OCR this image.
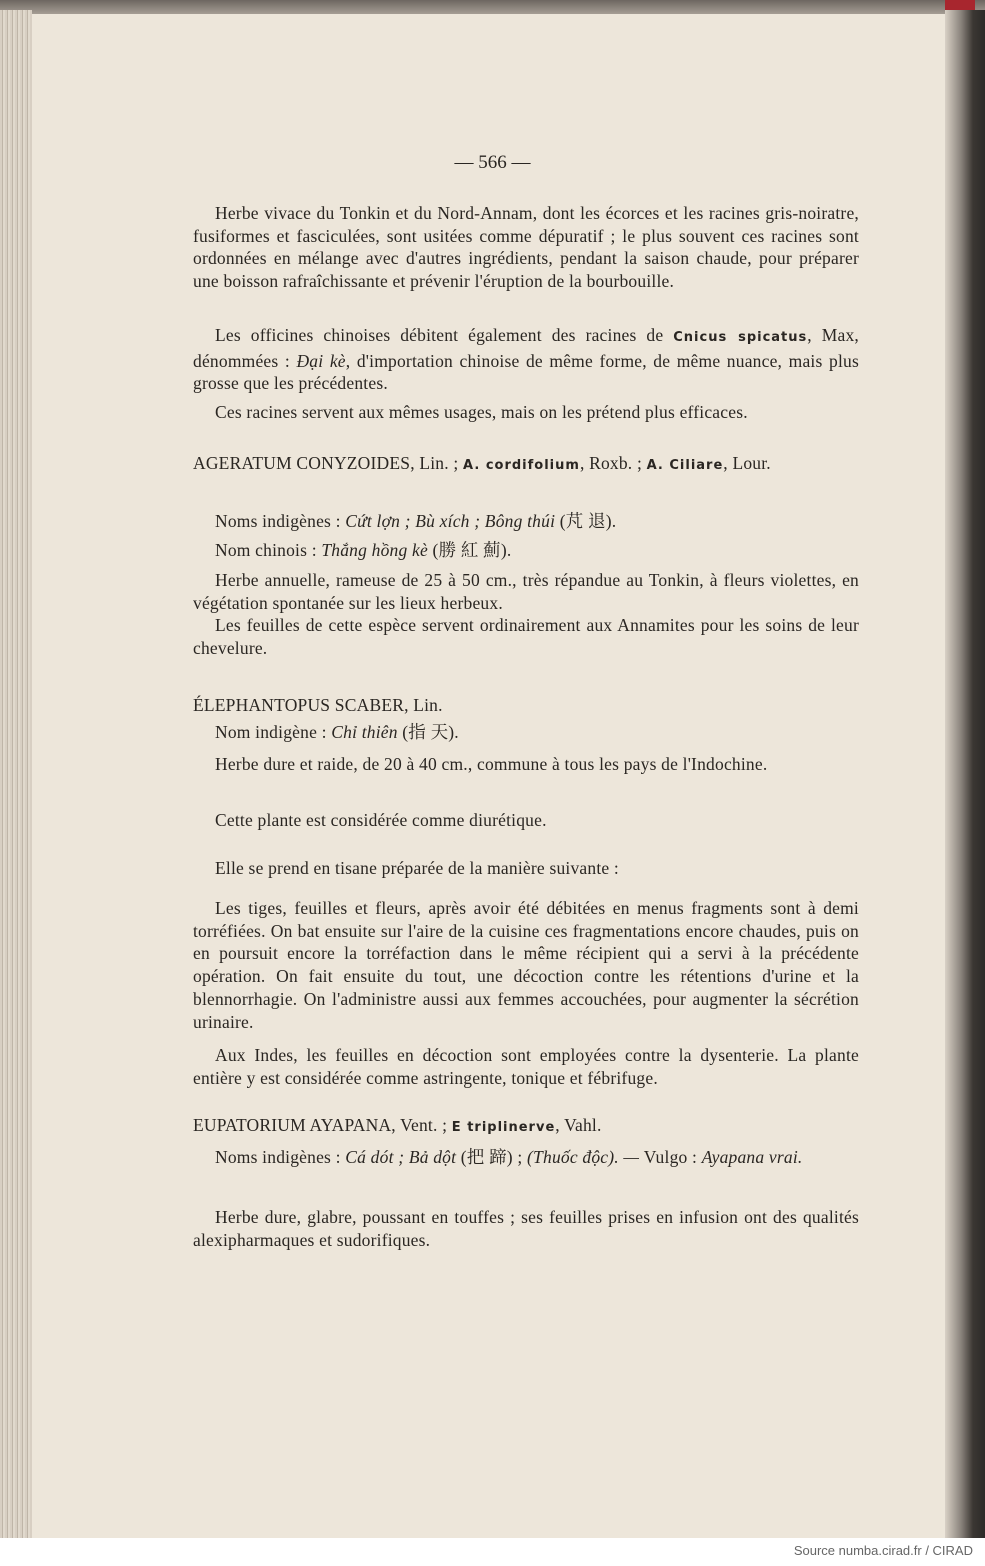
— 566 —
Herbe vivace du Tonkin et du Nord-Annam, dont les écorces et les racines gris-noiratre, fusiformes et fasciculées, sont usitées comme dépuratif ; le plus souvent ces racines sont ordonnées en mélange avec d'autres ingrédients, pendant la saison chaude, pour préparer une boisson rafraîchissante et prévenir l'éruption de la bourbouille.
Les officines chinoises débitent également des racines de Cnicus spicatus, Max, dénommées : Đại kè, d'importation chinoise de même forme, de même nuance, mais plus grosse que les précédentes.
Ces racines servent aux mêmes usages, mais on les prétend plus efficaces.
AGERATUM CONYZOIDES, Lin. ; A. cordifolium, Roxb. ; A. Ciliare, Lour.
Noms indigènes : Cứt lợn ; Bù xích ; Bông thúi (芃 退).
Nom chinois : Thắng hồng kè (勝 紅 薊).
Herbe annuelle, rameuse de 25 à 50 cm., très répandue au Tonkin, à fleurs violettes, en végétation spontanée sur les lieux herbeux.
Les feuilles de cette espèce servent ordinairement aux Annamites pour les soins de leur chevelure.
ÉLEPHANTOPUS SCABER, Lin.
Nom indigène : Chỉ thiên (指 天).
Herbe dure et raide, de 20 à 40 cm., commune à tous les pays de l'Indochine.
Cette plante est considérée comme diurétique.
Elle se prend en tisane préparée de la manière suivante :
Les tiges, feuilles et fleurs, après avoir été débitées en menus fragments sont à demi torréfiées. On bat ensuite sur l'aire de la cuisine ces fragmentations encore chaudes, puis on en poursuit encore la torréfaction dans le même récipient qui a servi à la précédente opération. On fait ensuite du tout, une décoction contre les rétentions d'urine et la blennorrhagie. On l'administre aussi aux femmes accouchées, pour augmenter la sécrétion urinaire.
Aux Indes, les feuilles en décoction sont employées contre la dysenterie. La plante entière y est considérée comme astringente, tonique et fébrifuge.
EUPATORIUM AYAPANA, Vent. ; E triplinerve, Vahl.
Noms indigènes : Cá dót ; Bả dột (把 蹄) ; (Thuốc độc). — Vulgo : Ayapana vrai.
Herbe dure, glabre, poussant en touffes ; ses feuilles prises en infusion ont des qualités alexipharmaques et sudorifiques.
Source numba.cirad.fr / CIRAD
